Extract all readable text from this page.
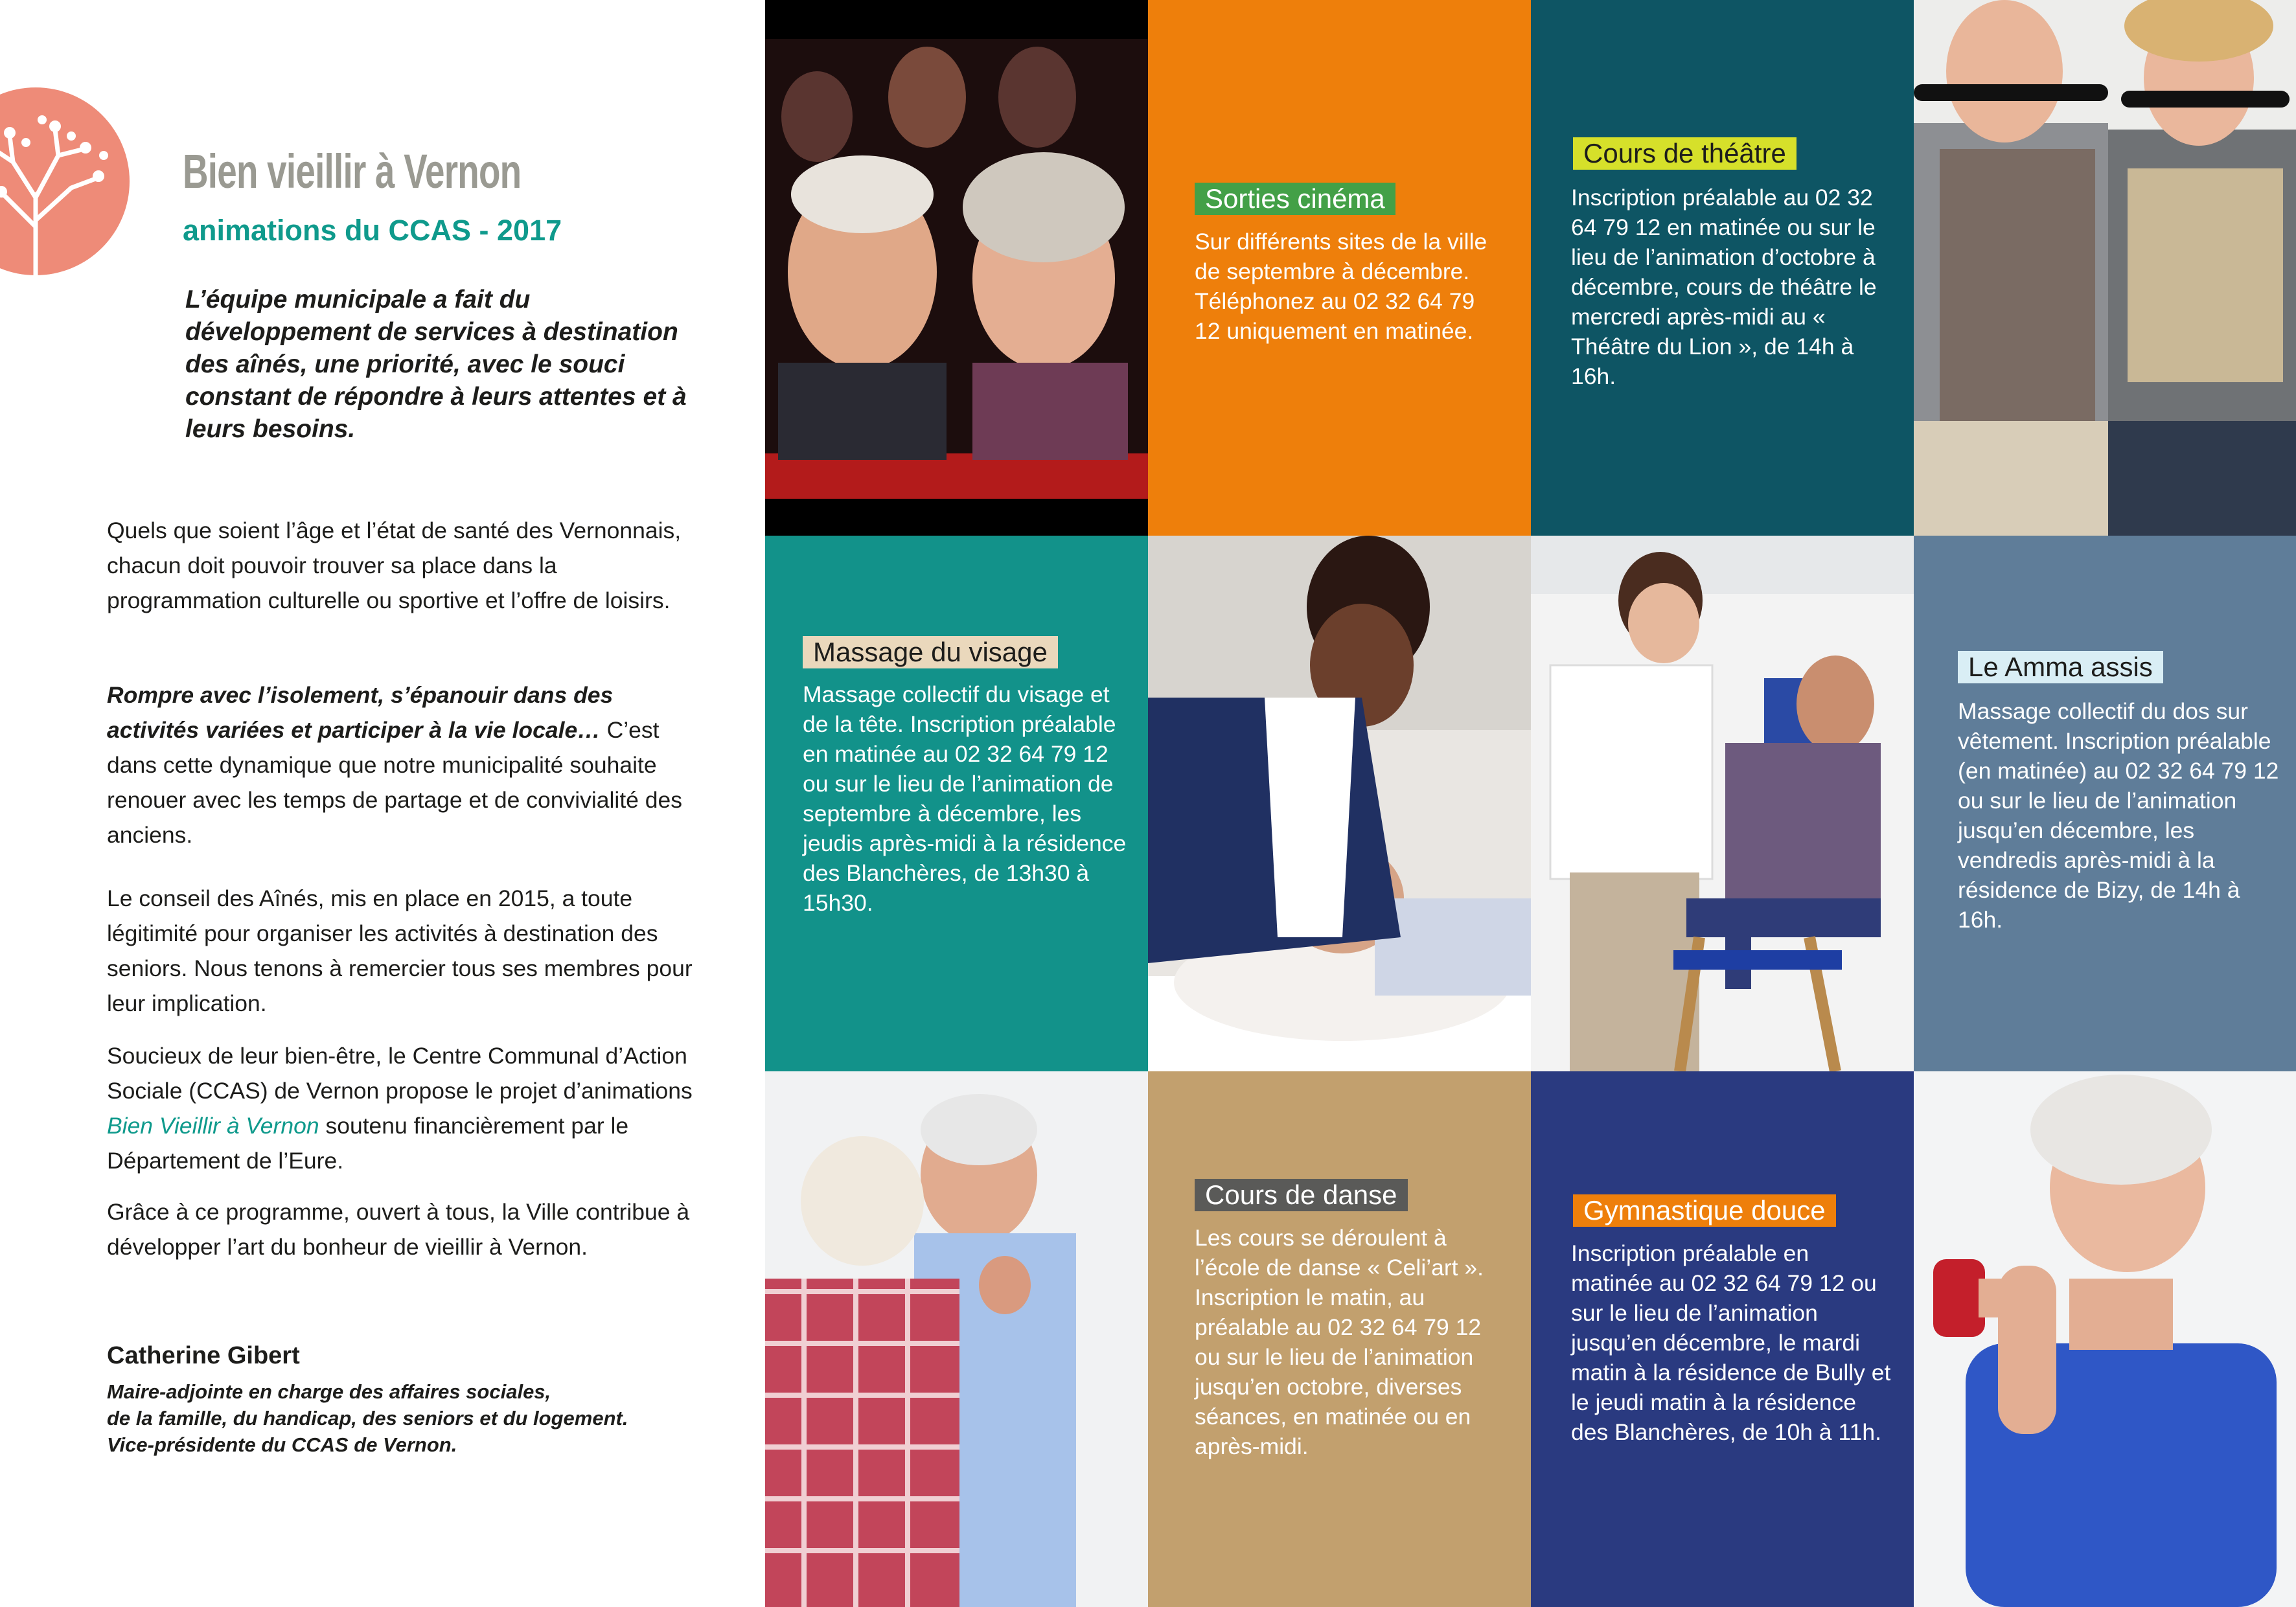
Bien vieillir à Vernon
animations du CCAS - 2017
L’équipe municipale a fait du développement de services à destination des aînés, une priorité, avec le souci constant de répondre à leurs attentes et à leurs besoins.

Quels que soient l’âge et l’état de santé des Vernonnais, chacun doit pouvoir trouver sa place dans la programmation culturelle ou sportive et l’offre de loisirs.

Rompre avec l’isolement, s’épanouir dans des activités variées et participer à la vie locale… C’est dans cette dynamique que notre municipalité souhaite renouer avec les temps de partage et de convivialité des anciens.

Le conseil des Aînés, mis en place en 2015, a toute légitimité pour organiser les activités à destination des seniors. Nous tenons à remercier tous ses membres pour leur implication.

Soucieux de leur bien-être, le Centre Communal d’Action Sociale (CCAS) de Vernon propose le projet d’animations Bien Vieillir à Vernon soutenu financièrement par le Département de l’Eure.

Grâce à ce programme, ouvert à tous, la Ville contribue à développer l’art du bonheur de vieillir à Vernon.

Catherine Gibert
Maire-adjointe en charge des affaires sociales,
de la famille, du handicap, des seniors et du logement.
Vice-présidente du CCAS de Vernon.
Sorties cinéma
Sur différents sites de la ville de septembre à décembre. Téléphonez au 02 32 64 79 12 uniquement en matinée.
Cours de théâtre
Inscription préalable au 02 32 64 79 12 en matinée ou sur le lieu de l’animation d’octobre à décembre, cours de théâtre le mercredi après-midi au « Théâtre du Lion », de 14h à 16h.
Massage du visage
Massage collectif du visage et de la tête. Inscription préalable en matinée au 02 32 64 79 12 ou sur le lieu de l’animation de septembre à décembre, les jeudis après-midi à la résidence des Blanchères, de 13h30 à 15h30.
Le Amma assis
Massage collectif du dos sur vêtement. Inscription préalable (en matinée) au 02 32 64 79 12 ou sur le lieu de l’animation jusqu’en décembre, les vendredis après-midi à la résidence de Bizy, de 14h à 16h.
Cours de danse
Les cours se déroulent à l’école de danse « Celi’art ». Inscription le matin, au préalable au 02 32 64 79 12 ou sur le lieu de l’animation jusqu’en octobre, diverses séances, en matinée ou en après-midi.
Gymnastique douce
Inscription préalable en matinée au 02 32 64 79 12 ou sur le lieu de l’animation jusqu’en décembre, le mardi matin à la résidence de Bully et le jeudi matin à la résidence des Blanchères, de 10h à 11h.
